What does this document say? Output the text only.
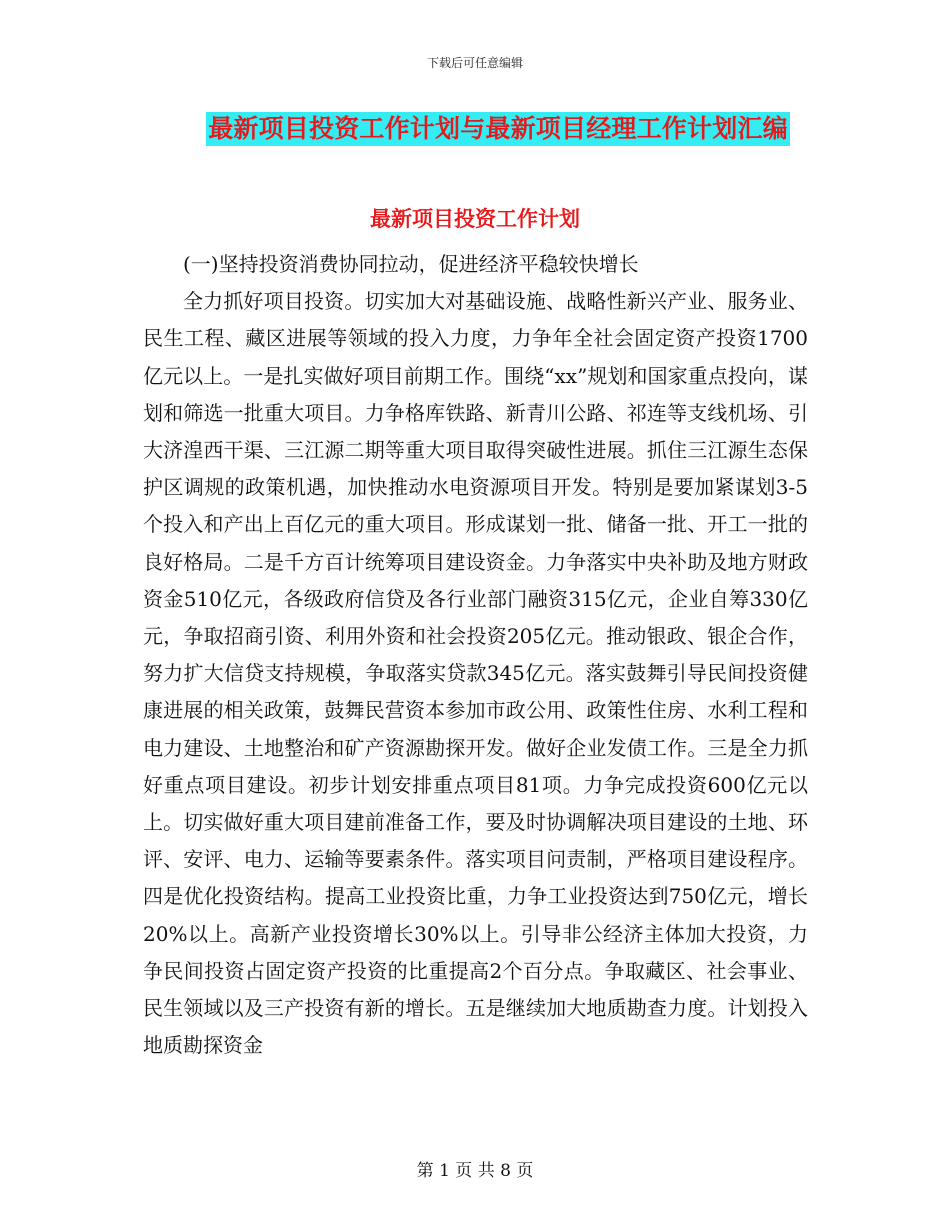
下载后可任意编辑
最新项目投资工作计划与最新项目经理工作计划汇编
最新项目投资工作计划

(一)坚持投资消费协同拉动，促进经济平稳较快增长

全力抓好项目投资。切实加大对基础设施、战略性新兴产业、服务业、民生工程、藏区进展等领域的投入力度，力争年全社会固定资产投资1700亿元以上。一是扎实做好项目前期工作。围绕“xx”规划和国家重点投向，谋划和筛选一批重大项目。力争格库铁路、新青川公路、祁连等支线机场、引大济湟西干渠、三江源二期等重大项目取得突破性进展。抓住三江源生态保护区调规的政策机遇，加快推动水电资源项目开发。特别是要加紧谋划3-5个投入和产出上百亿元的重大项目。形成谋划一批、储备一批、开工一批的良好格局。二是千方百计统筹项目建设资金。力争落实中央补助及地方财政资金510亿元，各级政府信贷及各行业部门融资315亿元，企业自筹330亿元，争取招商引资、利用外资和社会投资205亿元。推动银政、银企合作，努力扩大信贷支持规模，争取落实贷款345亿元。落实鼓舞引导民间投资健康进展的相关政策，鼓舞民营资本参加市政公用、政策性住房、水利工程和电力建设、土地整治和矿产资源勘探开发。做好企业发债工作。三是全力抓好重点项目建设。初步计划安排重点项目81项。力争完成投资600亿元以上。切实做好重大项目建前准备工作，要及时协调解决项目建设的土地、环评、安评、电力、运输等要素条件。落实项目问责制，严格项目建设程序。四是优化投资结构。提高工业投资比重，力争工业投资达到750亿元，增长20%以上。高新产业投资增长30%以上。引导非公经济主体加大投资，力争民间投资占固定资产投资的比重提高2个百分点。争取藏区、社会事业、民生领域以及三产投资有新的增长。五是继续加大地质勘查力度。计划投入地质勘探资金

第 1 页 共 8 页
